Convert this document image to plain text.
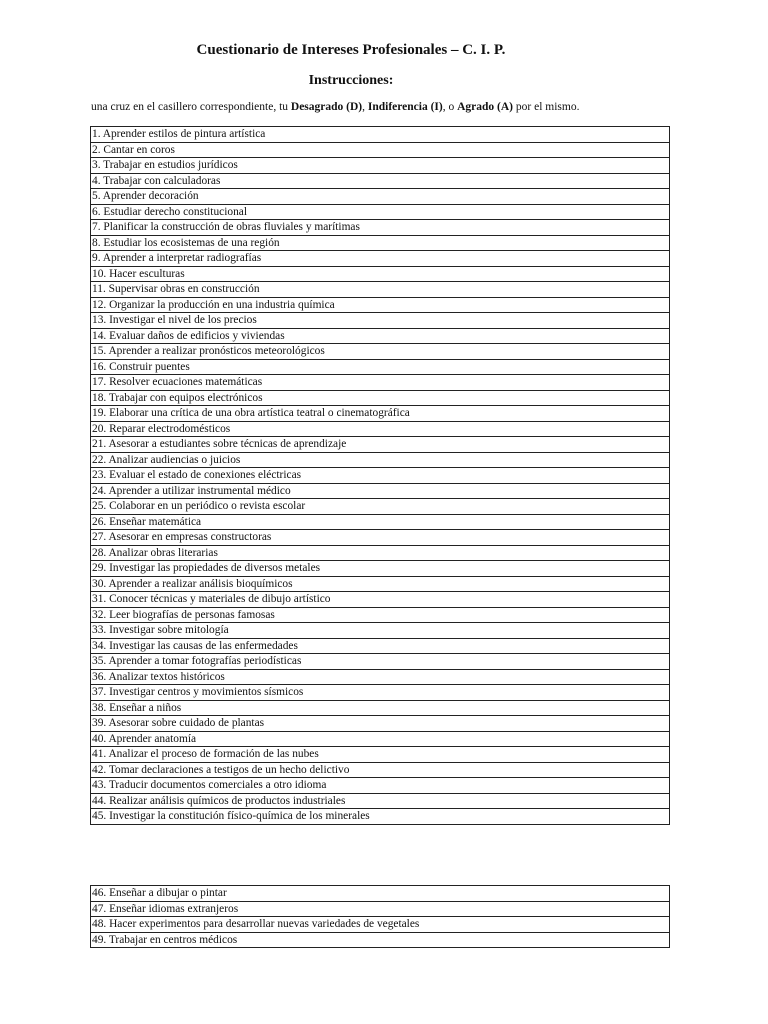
Cuestionario de Intereses Profesionales – C. I. P.
Instrucciones:

una cruz en el casillero correspondiente, tu Desagrado (D), Indiferencia (I), o Agrado (A) por el mismo.

1. Aprender estilos de pintura artística
2. Cantar en coros
3. Trabajar en estudios jurídicos
4. Trabajar con calculadoras
5. Aprender decoración
6. Estudiar derecho constitucional
7. Planificar la construcción de obras fluviales y marítimas
8. Estudiar los ecosistemas de una región
9. Aprender a interpretar radiografías
10. Hacer esculturas
11. Supervisar obras en construcción
12. Organizar la producción en una industria química
13. Investigar el nivel de los precios
14. Evaluar daños de edificios y viviendas
15. Aprender a realizar pronósticos meteorológicos
16. Construir puentes
17. Resolver ecuaciones matemáticas
18. Trabajar con equipos electrónicos
19. Elaborar una crítica de una obra artística teatral o cinematográfica
20. Reparar electrodomésticos
21. Asesorar a estudiantes sobre técnicas de aprendizaje
22. Analizar audiencias o juicios
23. Evaluar el estado de conexiones eléctricas
24. Aprender a utilizar instrumental médico
25. Colaborar en un periódico o revista escolar
26. Enseñar matemática
27. Asesorar en empresas constructoras
28. Analizar obras literarias
29. Investigar las propiedades de diversos metales
30. Aprender a realizar análisis bioquímicos
31. Conocer técnicas y materiales de dibujo artístico
32. Leer biografías de personas famosas
33. Investigar sobre mitología
34. Investigar las causas de las enfermedades
35. Aprender a tomar fotografías periodísticas
36. Analizar textos históricos
37. Investigar centros y movimientos sísmicos
38. Enseñar a niños
39. Asesorar sobre cuidado de plantas
40. Aprender anatomía
41. Analizar el proceso de formación de las nubes
42. Tomar declaraciones a testigos de un hecho delictivo
43. Traducir documentos comerciales a otro idioma
44. Realizar análisis químicos de productos industriales
45. Investigar la constitución físico-química de los minerales
46. Enseñar a dibujar o pintar
47. Enseñar idiomas extranjeros
48. Hacer experimentos para desarrollar nuevas variedades de vegetales
49. Trabajar en centros médicos
